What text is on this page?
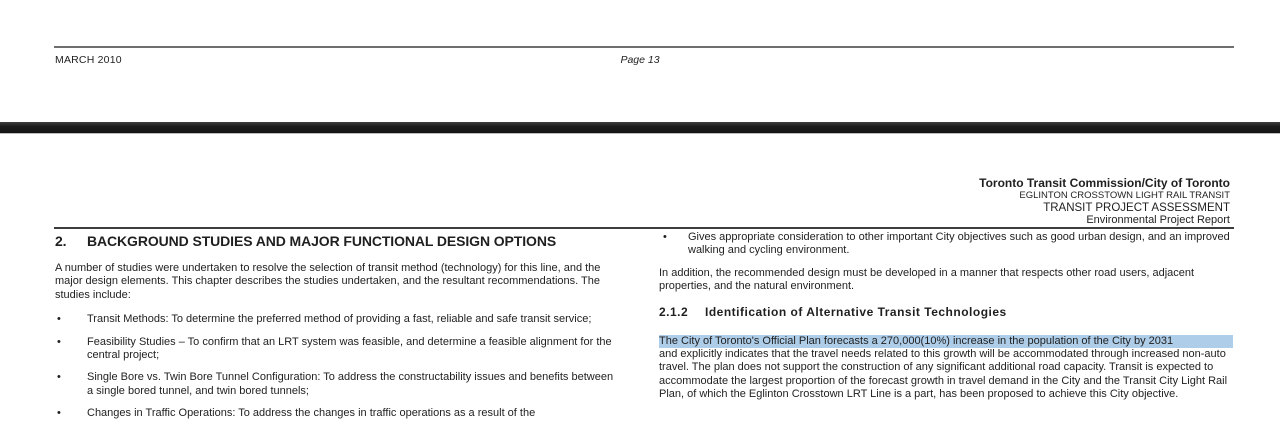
MARCH 2010	Page 13
Toronto Transit Commission/City of Toronto
EGLINTON CROSSTOWN LIGHT RAIL TRANSIT
TRANSIT PROJECT ASSESSMENT
Environmental Project Report
2.	BACKGROUND STUDIES AND MAJOR FUNCTIONAL DESIGN OPTIONS

A number of studies were undertaken to resolve the selection of transit method (technology) for this line, and the major design elements. This chapter describes the studies undertaken, and the resultant recommendations. The studies include:

• Transit Methods: To determine the preferred method of providing a fast, reliable and safe transit service;
• Feasibility Studies – To confirm that an LRT system was feasible, and determine a feasible alignment for the central project;
• Single Bore vs. Twin Bore Tunnel Configuration: To address the constructability issues and benefits between a single bored tunnel, and twin bored tunnels;
• Changes in Traffic Operations: To address the changes in traffic operations as a result of the
• Gives appropriate consideration to other important City objectives such as good urban design, and an improved walking and cycling environment.

In addition, the recommended design must be developed in a manner that respects other road users, adjacent properties, and the natural environment.

2.1.2	Identification of Alternative Transit Technologies

The City of Toronto's Official Plan forecasts a 270,000(10%) increase in the population of the City by 2031
and explicitly indicates that the travel needs related to this growth will be accommodated through increased non-auto travel. The plan does not support the construction of any significant additional road capacity. Transit is expected to accommodate the largest proportion of the forecast growth in travel demand in the City and the Transit City Light Rail Plan, of which the Eglinton Crosstown LRT Line is a part, has been proposed to achieve this City objective.
